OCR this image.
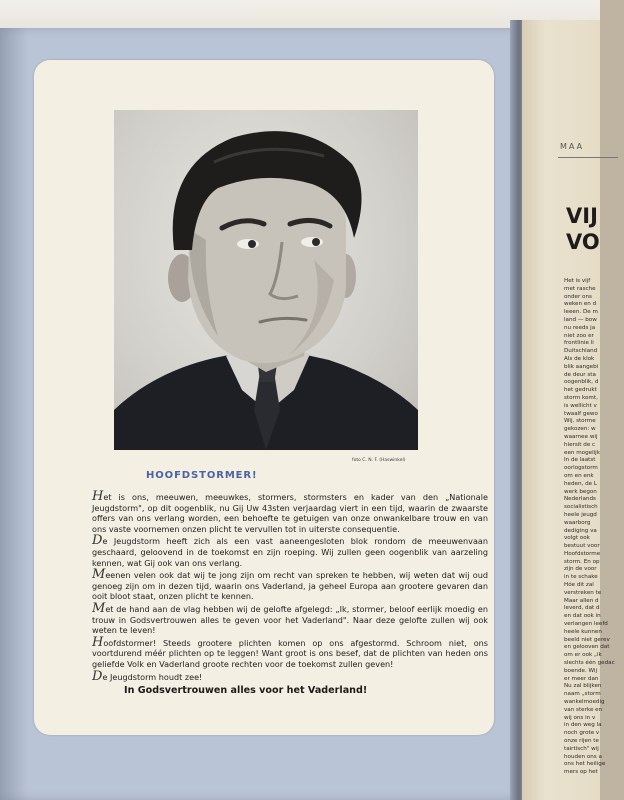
foto C. N. F. (Haswinkel)
HOOFDSTORMER!

Het is ons, meeuwen, meeuwkes, stormers, stormsters en kader van den „Nationale Jeugdstorm", op dit oogenblik, nu Gij Uw 43sten verjaardag viert in een tijd, waarin de zwaarste offers van ons verlang worden, een behoefte te getuigen van onze onwankelbare trouw en van ons vaste voornemen onzen plicht te vervullen tot in uiterste consequentie.

De Jeugdstorm heeft zich als een vast aaneengesloten blok rondom de meeuwenvaan geschaard, geloovend in de toekomst en zijn roeping. Wij zullen geen oogenblik van aarzeling kennen, wat Gij ook van ons verlang.

Meenen velen ook dat wij te jong zijn om recht van spreken te hebben, wij weten dat wij oud genoeg zijn om in dezen tijd, waarin ons Vaderland, ja geheel Europa aan grootere gevaren dan ooit bloot staat, onzen plicht te kennen.

Met de hand aan de vlag hebben wij de gelofte afgelegd: „Ik, stormer, beloof eerlijk moedig en trouw in Godsvertrouwen alles te geven voor het Vaderland". Naar deze gelofte zullen wij ook weten te leven!

Hoofdstormer! Steeds grootere plichten komen op ons afgestormd. Schroom niet, ons voortdurend méér plichten op te leggen! Want groot is ons besef, dat de plichten van heden ons geliefde Volk en Vaderland groote rechten voor de toekomst zullen geven!

De Jeugdstorm houdt zee!

In Godsvertrouwen alles voor het Vaderland!
MAA
VIJ
VO
Het is vijf
met rasche
onder ons
weken en d
leeen. De m
land — bow
nu reeds ja
niet zoo er
frontlinie li
Duitschland
Als de klok
blik aangebi
de deur sta
oogenblik, d
het gedrukt
storm komt,
is wellicht v
twaalf gewo
Wij, storme
gekozen: w
waarnee wij
hiersit de c
een mogelijk
In de laatst
oorlogstorm
om en enk
heden, de L
werk begon
Nederlands
socialistisch
heele jeugd
waarborg
dediging va
volgt ook
bestuut voor
Hoofdstorme
storm. En op
zijn de voor
in te schake
Hóe dit zal
verstreken te
Maar allen d
leverd, dat d
en dat ook in
verlangen leefd
heele kunnen
beeld niet gerev
en gelooven dat
om er ook „ik
slechts één gedac
boende. Wij
er meer dan
Nu zal blijken
naam „storm
wankelmoedig
van sterke en
wij ons in v
in den weg la
noch grote v
onze rijen te
tairtisch" wij
houden ons a
ons het heilige
mers op het
